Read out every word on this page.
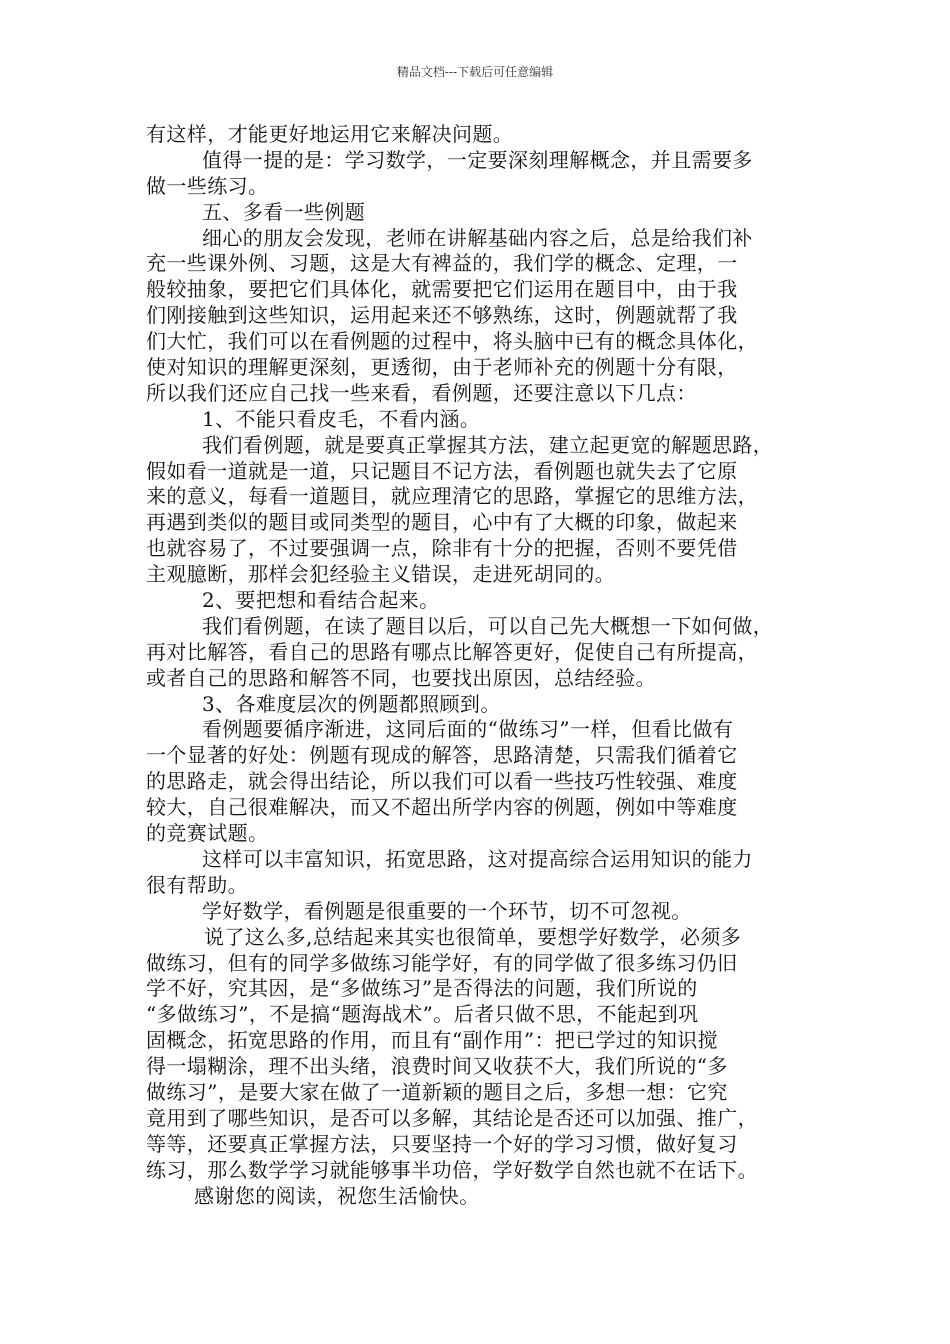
精品文档---下载后可任意编辑
有这样，才能更好地运用它来解决问题。
值得一提的是：学习数学，一定要深刻理解概念，并且需要多
做一些练习。
五、多看一些例题
细心的朋友会发现，老师在讲解基础内容之后，总是给我们补
充一些课外例、习题，这是大有裨益的，我们学的概念、定理，一
般较抽象，要把它们具体化，就需要把它们运用在题目中，由于我
们刚接触到这些知识，运用起来还不够熟练，这时，例题就帮了我
们大忙，我们可以在看例题的过程中，将头脑中已有的概念具体化，
使对知识的理解更深刻，更透彻，由于老师补充的例题十分有限，
所以我们还应自己找一些来看，看例题，还要注意以下几点：
1、不能只看皮毛，不看内涵。
我们看例题，就是要真正掌握其方法，建立起更宽的解题思路，
假如看一道就是一道，只记题目不记方法，看例题也就失去了它原
来的意义，每看一道题目，就应理清它的思路，掌握它的思维方法，
再遇到类似的题目或同类型的题目，心中有了大概的印象，做起来
也就容易了，不过要强调一点，除非有十分的把握，否则不要凭借
主观臆断，那样会犯经验主义错误，走进死胡同的。
2、要把想和看结合起来。
我们看例题，在读了题目以后，可以自己先大概想一下如何做，
再对比解答，看自己的思路有哪点比解答更好，促使自己有所提高，
或者自己的思路和解答不同，也要找出原因，总结经验。
3、各难度层次的例题都照顾到。
看例题要循序渐进，这同后面的“做练习”一样，但看比做有
一个显著的好处：例题有现成的解答，思路清楚，只需我们循着它
的思路走，就会得出结论，所以我们可以看一些技巧性较强、难度
较大，自己很难解决，而又不超出所学内容的例题，例如中等难度
的竞赛试题。
这样可以丰富知识，拓宽思路，这对提高综合运用知识的能力
很有帮助。
学好数学，看例题是很重要的一个环节，切不可忽视。
说了这么多,总结起来其实也很简单，要想学好数学，必须多
做练习，但有的同学多做练习能学好，有的同学做了很多练习仍旧
学不好，究其因，是“多做练习”是否得法的问题，我们所说的
“多做练习”，不是搞“题海战术”。后者只做不思，不能起到巩
固概念，拓宽思路的作用，而且有“副作用”：把已学过的知识搅
得一塌糊涂，理不出头绪，浪费时间又收获不大，我们所说的“多
做练习”，是要大家在做了一道新颖的题目之后，多想一想：它究
竟用到了哪些知识，是否可以多解，其结论是否还可以加强、推广，
等等，还要真正掌握方法，只要坚持一个好的学习习惯，做好复习
练习，那么数学学习就能够事半功倍，学好数学自然也就不在话下。
感谢您的阅读，祝您生活愉快。
